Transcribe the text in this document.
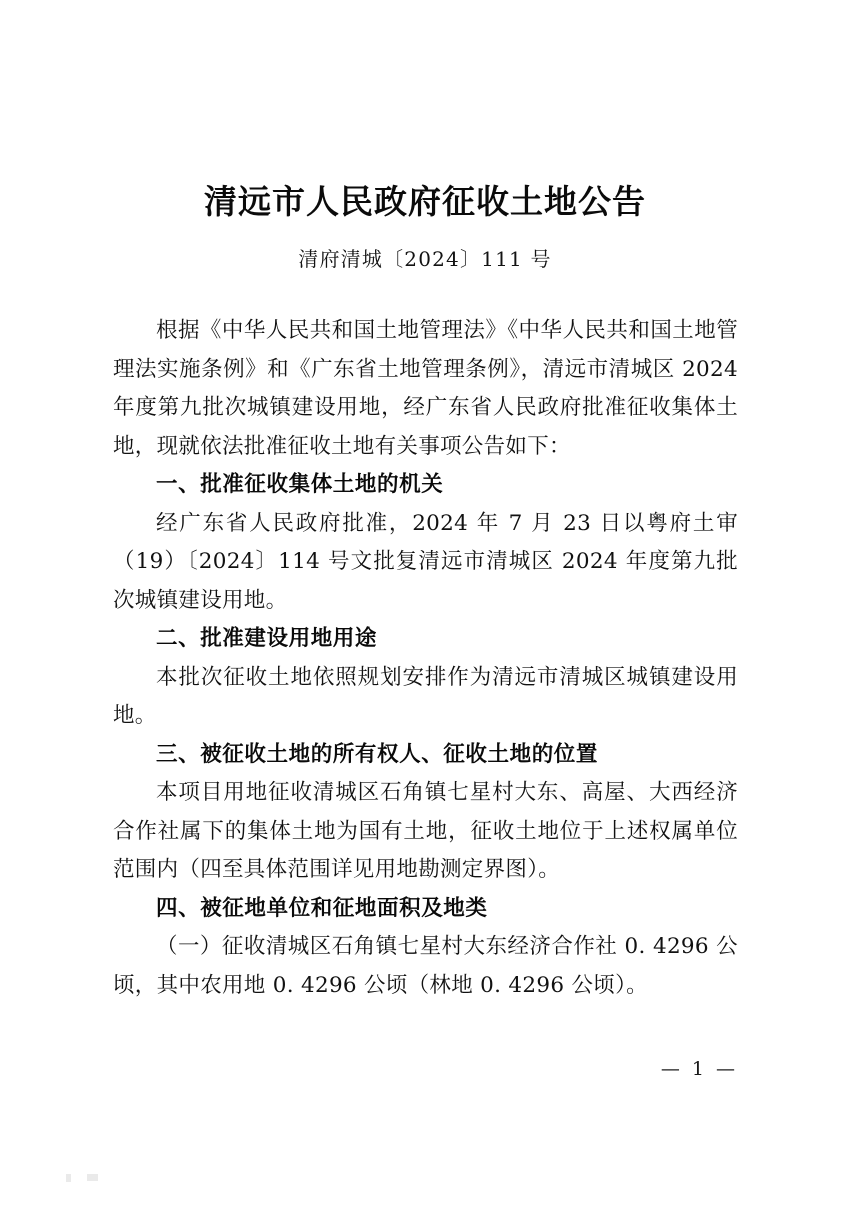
清远市人民政府征收土地公告
清府清城〔2024〕111 号

根据《中华人民共和国土地管理法》《中华人民共和国土地管理法实施条例》和《广东省土地管理条例》，清远市清城区 2024 年度第九批次城镇建设用地，经广东省人民政府批准征收集体土地，现就依法批准征收土地有关事项公告如下：

一、批准征收集体土地的机关

经广东省人民政府批准，2024 年 7 月 23 日以粤府土审（19）〔2024〕114 号文批复清远市清城区 2024 年度第九批次城镇建设用地。

二、批准建设用地用途

本批次征收土地依照规划安排作为清远市清城区城镇建设用地。

三、被征收土地的所有权人、征收土地的位置

本项目用地征收清城区石角镇七星村大东、高屋、大西经济合作社属下的集体土地为国有土地，征收土地位于上述权属单位范围内（四至具体范围详见用地勘测定界图）。

四、被征地单位和征地面积及地类

（一）征收清城区石角镇七星村大东经济合作社 0. 4296 公顷，其中农用地 0. 4296 公顷（林地 0. 4296 公顷）。

— 1 —
